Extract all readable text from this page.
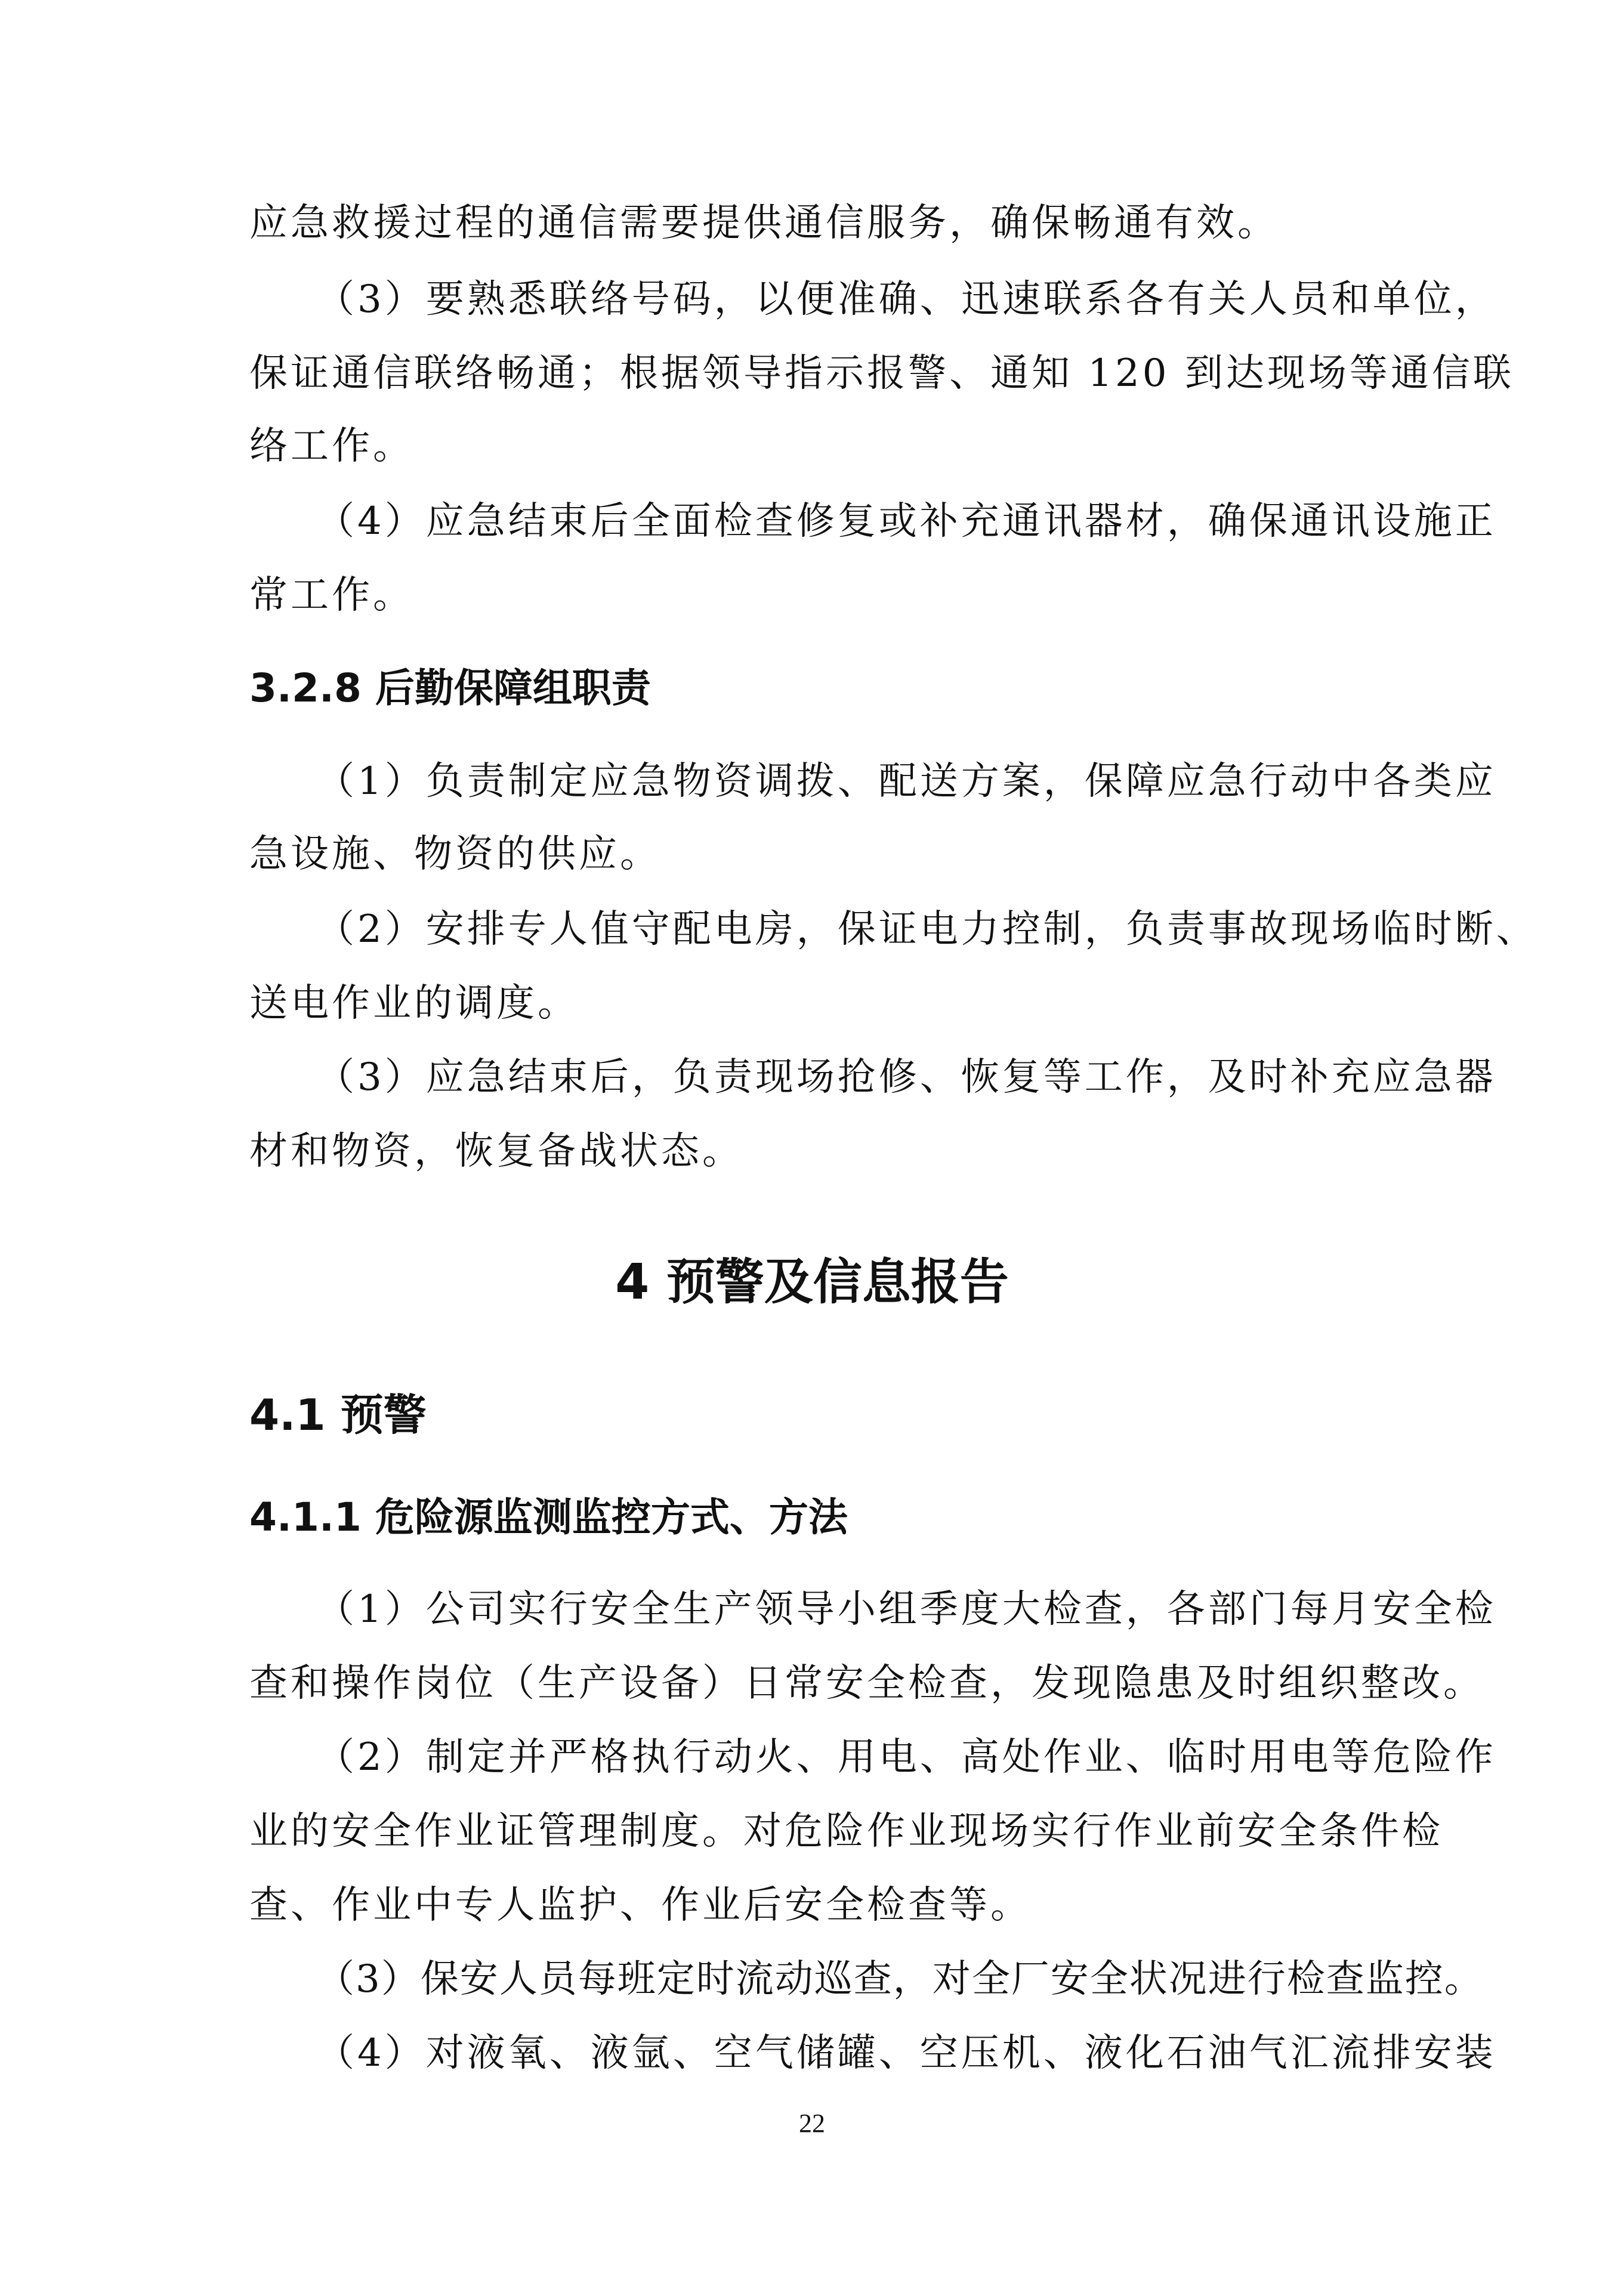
应急救援过程的通信需要提供通信服务，确保畅通有效。
（3）要熟悉联络号码，以便准确、迅速联系各有关人员和单位，
保证通信联络畅通；根据领导指示报警、通知 120 到达现场等通信联
络工作。
（4）应急结束后全面检查修复或补充通讯器材，确保通讯设施正
常工作。
3.2.8 后勤保障组职责
（1）负责制定应急物资调拨、配送方案，保障应急行动中各类应
急设施、物资的供应。
（2）安排专人值守配电房，保证电力控制，负责事故现场临时断、
送电作业的调度。
（3）应急结束后，负责现场抢修、恢复等工作，及时补充应急器
材和物资，恢复备战状态。
4 预警及信息报告
4.1 预警
4.1.1 危险源监测监控方式、方法
（1）公司实行安全生产领导小组季度大检查，各部门每月安全检
查和操作岗位（生产设备）日常安全检查，发现隐患及时组织整改。
（2）制定并严格执行动火、用电、高处作业、临时用电等危险作
业的安全作业证管理制度。对危险作业现场实行作业前安全条件检
查、作业中专人监护、作业后安全检查等。
（3）保安人员每班定时流动巡查，对全厂安全状况进行检查监控。
（4）对液氧、液氩、空气储罐、空压机、液化石油气汇流排安装
22
